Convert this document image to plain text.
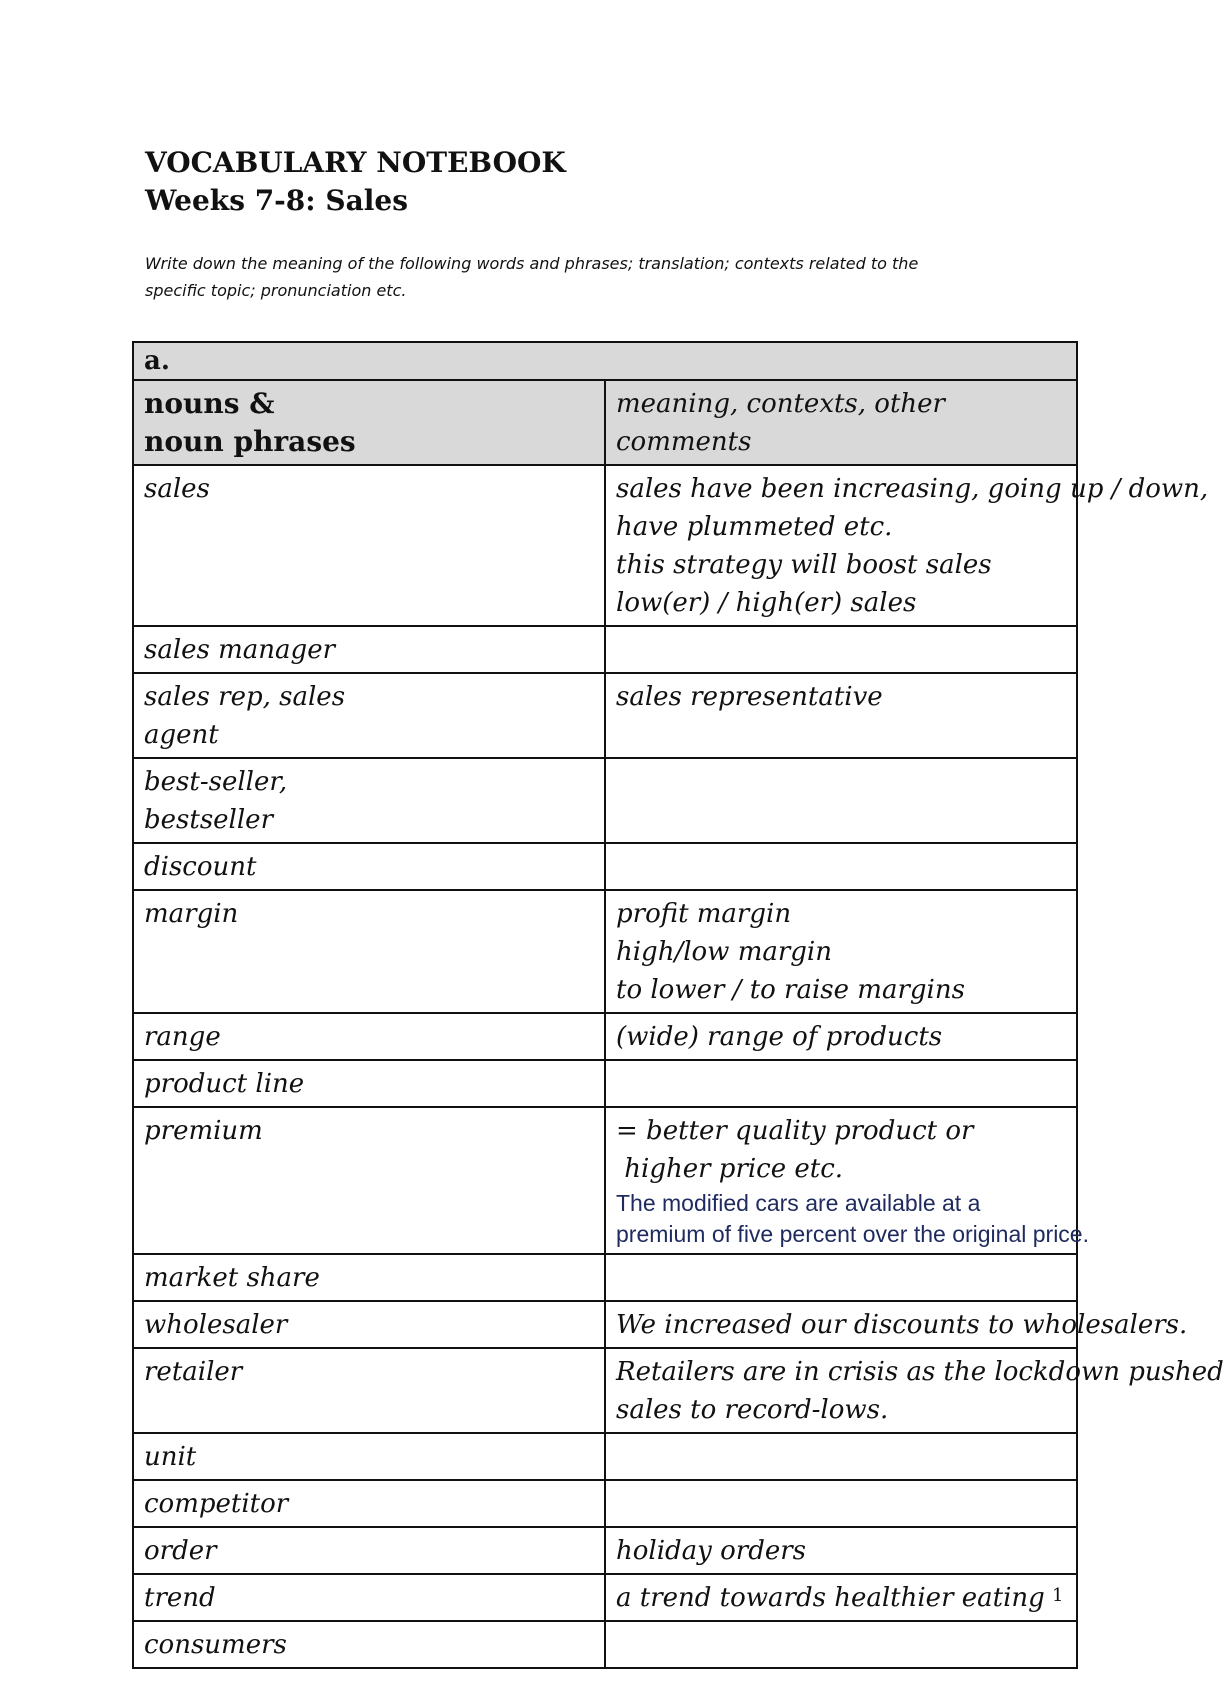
VOCABULARY NOTEBOOK
Weeks 7-8: Sales
Write down the meaning of the following words and phrases; translation; contexts related to the
specific topic; pronunciation etc.
a.	

nouns &
noun phrases	meaning, contexts, other comments

sales	sales have been increasing, going up / down,
have plummeted etc.
this strategy will boost sales
low(er) / high(er) sales

sales manager	

sales rep, sales
agent	sales representative

best-seller,
bestseller	

discount	

margin	profit margin
high/low margin
to lower / to raise margins

range	(wide) range of products

product line	

premium	= better quality product or
higher price etc.
The modified cars are available at a
premium of five percent over the original price.

market share	

wholesaler	We increased our discounts to wholesalers.

retailer	Retailers are in crisis as the lockdown pushed
sales to record-lows.

unit	

competitor	

order	holiday orders

trend	a trend towards healthier eating

consumers	

1
